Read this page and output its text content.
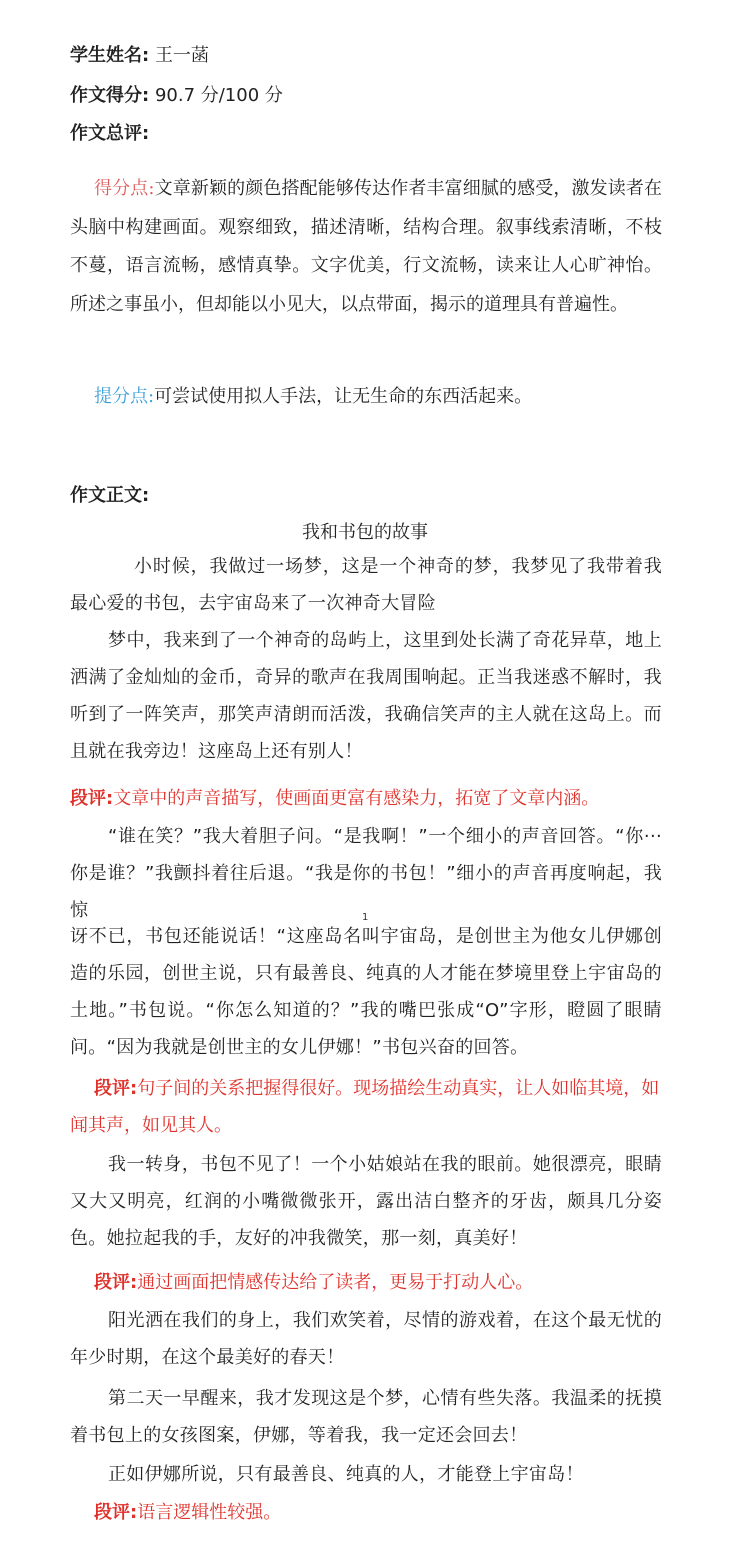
学生姓名: 王一菡
作文得分: 90.7 分/100 分
作文总评:
得分点:文章新颖的颜色搭配能够传达作者丰富细腻的感受，激发读者在头脑中构建画面。观察细致，描述清晰，结构合理。叙事线索清晰，不枝不蔓，语言流畅，感情真挚。文字优美，行文流畅，读来让人心旷神怡。所述之事虽小，但却能以小见大，以点带面，揭示的道理具有普遍性。
提分点:可尝试使用拟人手法，让无生命的东西活起来。
作文正文:
我和书包的故事
小时候，我做过一场梦，这是一个神奇的梦，我梦见了我带着我最心爱的书包，去宇宙岛来了一次神奇大冒险
梦中，我来到了一个神奇的岛屿上，这里到处长满了奇花异草，地上洒满了金灿灿的金币，奇异的歌声在我周围响起。正当我迷惑不解时，我听到了一阵笑声，那笑声清朗而活泼，我确信笑声的主人就在这岛上。而且就在我旁边！这座岛上还有别人！
段评:文章中的声音描写，使画面更富有感染力，拓宽了文章内涵。
“谁在笑？”我大着胆子问。“是我啊！”一个细小的声音回答。“你···你是谁？”我颤抖着往后退。“我是你的书包！”细小的声音再度响起，我惊	1
讶不已，书包还能说话！“这座岛名叫宇宙岛，是创世主为他女儿伊娜创造的乐园，创世主说，只有最善良、纯真的人才能在梦境里登上宇宙岛的土地。”书包说。“你怎么知道的？”我的嘴巴张成“O”字形，瞪圆了眼睛问。“因为我就是创世主的女儿伊娜！”书包兴奋的回答。
段评:句子间的关系把握得很好。现场描绘生动真实，让人如临其境，如闻其声，如见其人。
我一转身，书包不见了！一个小姑娘站在我的眼前。她很漂亮，眼睛又大又明亮，红润的小嘴微微张开，露出洁白整齐的牙齿，颇具几分姿色。她拉起我的手，友好的冲我微笑，那一刻，真美好！
段评:通过画面把情感传达给了读者，更易于打动人心。
阳光洒在我们的身上，我们欢笑着，尽情的游戏着，在这个最无忧的年少时期，在这个最美好的春天！
第二天一早醒来，我才发现这是个梦，心情有些失落。我温柔的抚摸着书包上的女孩图案，伊娜，等着我，我一定还会回去！
正如伊娜所说，只有最善良、纯真的人，才能登上宇宙岛！
段评:语言逻辑性较强。
